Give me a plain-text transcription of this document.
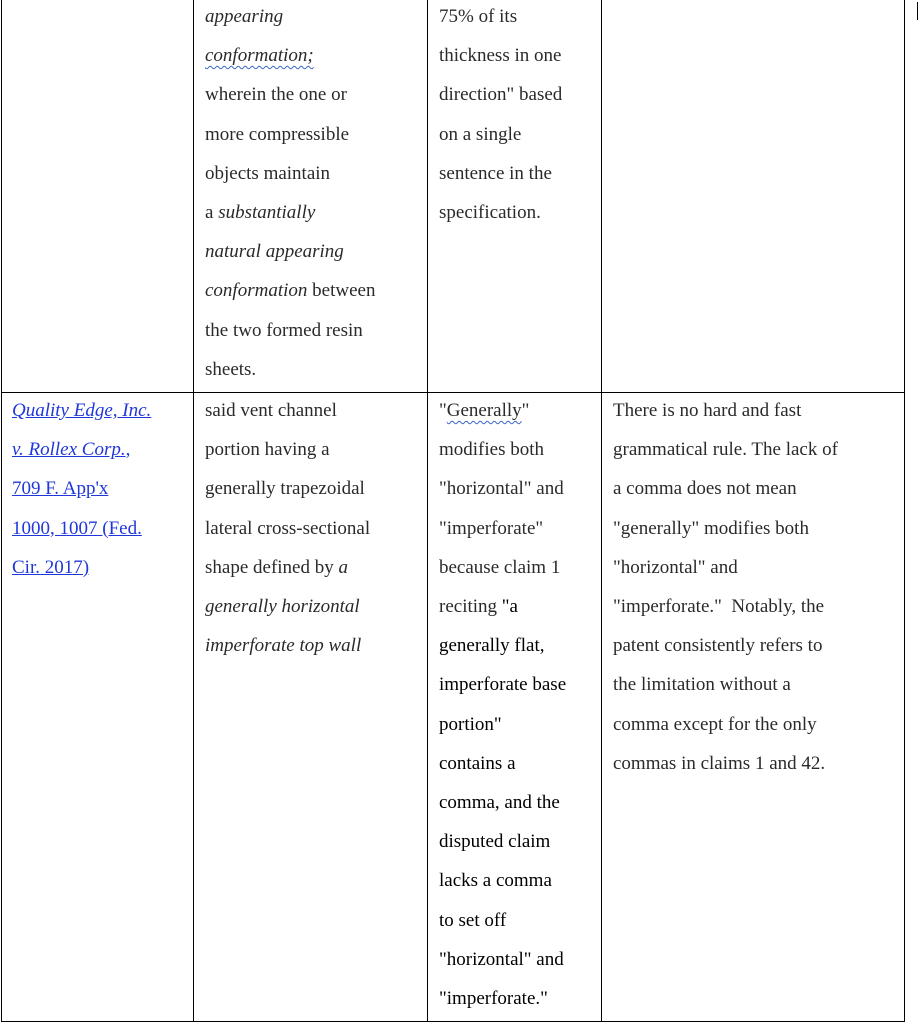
appearing
conformation;
wherein the one or
more compressible
objects maintain
a substantially
natural appearing
conformation between
the two formed resin
sheets.
75% of its
thickness in one
direction" based
on a single
sentence in the
specification.
Quality Edge, Inc.
v. Rollex Corp.,
709 F. App'x
1000, 1007 (Fed.
Cir. 2017)
said vent channel
portion having a
generally trapezoidal
lateral cross-sectional
shape defined by a
generally horizontal
imperforate top wall
"Generally"
modifies both
"horizontal" and
"imperforate"
because claim 1
reciting "a
generally flat,
imperforate base
portion"
contains a
comma, and the
disputed claim
lacks a comma
to set off
"horizontal" and
"imperforate."
There is no hard and fast
grammatical rule. The lack of
a comma does not mean
"generally" modifies both
"horizontal" and
"imperforate."  Notably, the
patent consistently refers to
the limitation without a
comma except for the only
commas in claims 1 and 42.
